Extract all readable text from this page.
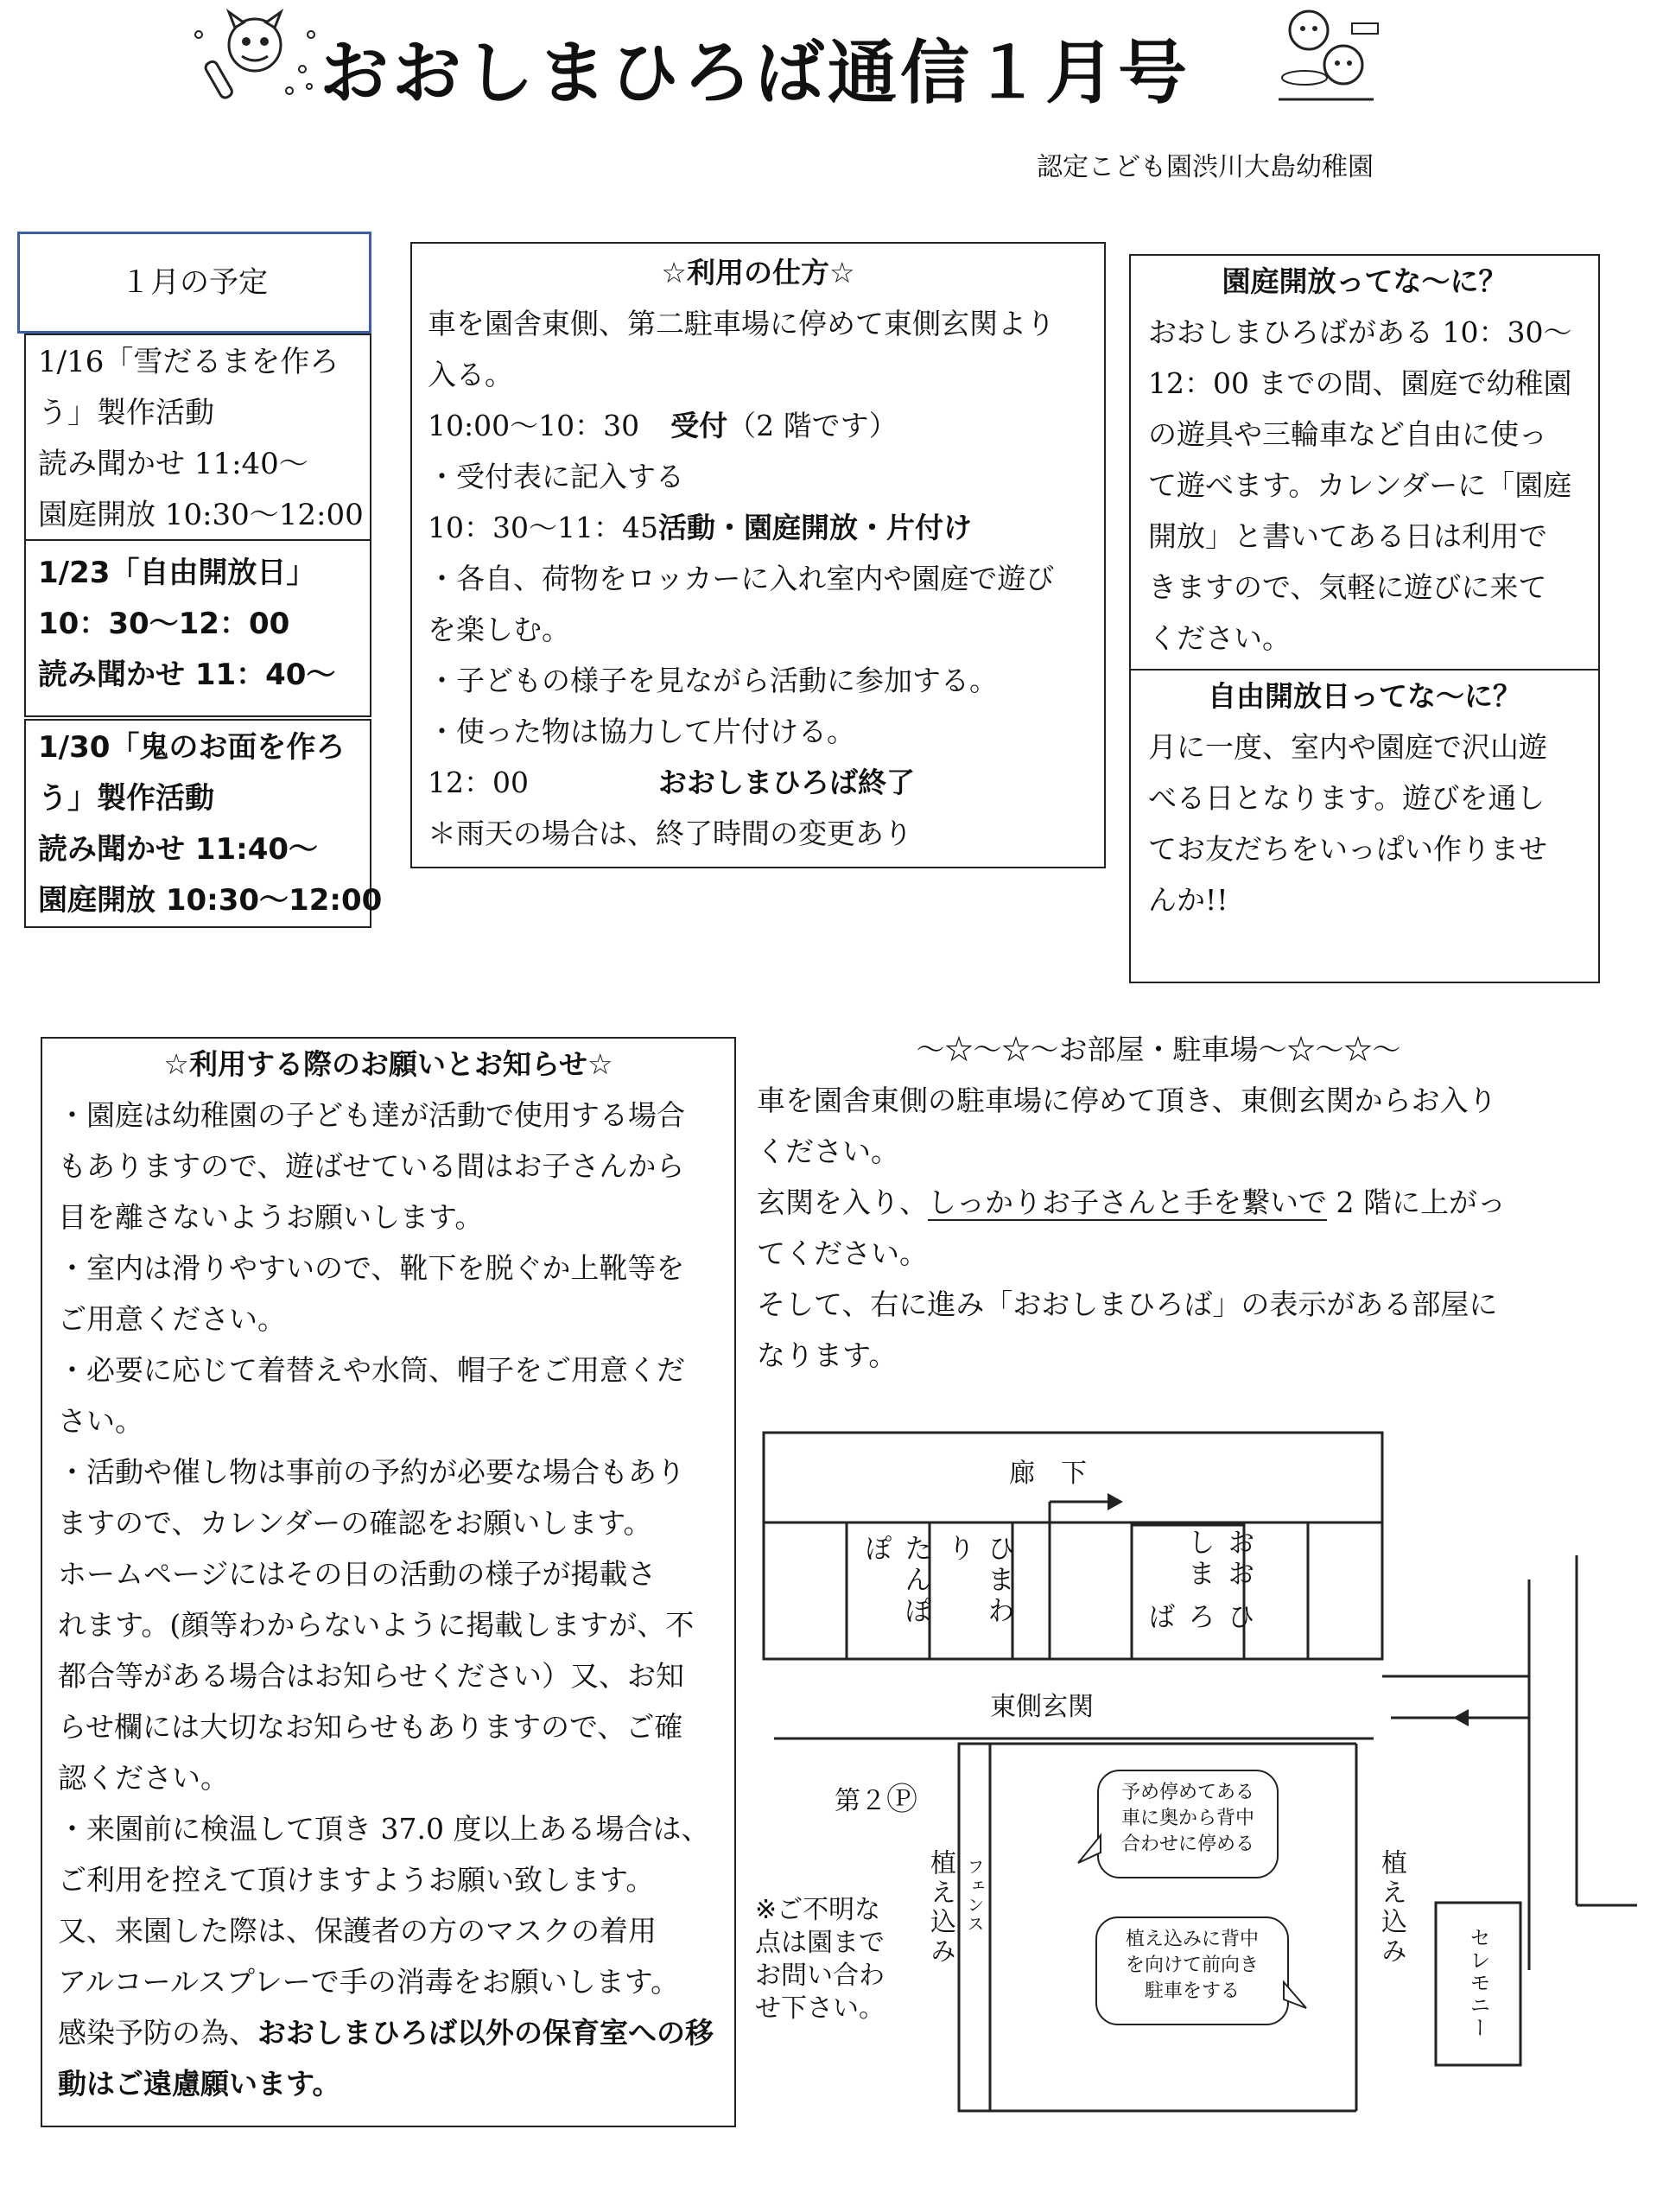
おおしまひろば通信１月号
認定こども園渋川大島幼稚園
１月の予定

1/16「雪だるまを作ろ

う」製作活動

読み聞かせ 11:40～

園庭開放 10:30～12:00

1/23「自由開放日」

10：30～12：00

読み聞かせ 11：40～

1/30「鬼のお面を作ろ

う」製作活動

読み聞かせ 11:40～

園庭開放 10:30～12:00

☆利用の仕方☆

車を園舎東側、第二駐車場に停めて東側玄関より

入る。

10:00～10：30 受付（2 階です）

・受付表に記入する

10：30～11：45活動・園庭開放・片付け

・各自、荷物をロッカーに入れ室内や園庭で遊び

を楽しむ。

・子どもの様子を見ながら活動に参加する。

・使った物は協力して片付ける。

12：00	おおしまひろば終了

＊雨天の場合は、終了時間の変更あり

園庭開放ってな～に？

おおしまひろばがある 10：30～

12：00 までの間、園庭で幼稚園

の遊具や三輪車など自由に使っ

て遊べます。カレンダーに「園庭

開放」と書いてある日は利用で

きますので、気軽に遊びに来て

ください。

自由開放日ってな～に？

月に一度、室内や園庭で沢山遊

べる日となります。遊びを通し

てお友だちをいっぱい作りませ

んか!!

☆利用する際のお願いとお知らせ☆

・園庭は幼稚園の子ども達が活動で使用する場合

もありますので、遊ばせている間はお子さんから

目を離さないようお願いします。

・室内は滑りやすいので、靴下を脱ぐか上靴等を

ご用意ください。

・必要に応じて着替えや水筒、帽子をご用意くだ

さい。

・活動や催し物は事前の予約が必要な場合もあり

ますので、カレンダーの確認をお願いします。

ホームページにはその日の活動の様子が掲載さ

れます。(顔等わからないように掲載しますが、不

都合等がある場合はお知らせください）又、お知

らせ欄には大切なお知らせもありますので、ご確

認ください。

・来園前に検温して頂き 37.0 度以上ある場合は、

ご利用を控えて頂けますようお願い致します。

又、来園した際は、保護者の方のマスクの着用

アルコールスプレーで手の消毒をお願いします。

感染予防の為、おおしまひろば以外の保育室への移

動はご遠慮願います。

～☆～☆～お部屋・駐車場～☆～☆～

車を園舎東側の駐車場に停めて頂き、東側玄関からお入り

ください。

玄関を入り、しっかりお子さんと手を繋いで 2 階に上がっ

てください。

そして、右に進み「おおしまひろば」の表示がある部屋に

なります。

廊　下
たんぽぽ	ひまわり	おおしま
ひろば
東側玄関
第２Ⓟ
植え込み フェンス	植え込み
セレモニー
予め停めてある
車に奥から背中
合わせに停める
植え込みに背中
を向けて前向き
駐車をする
※ご不明な
点は園まで
お問い合わ
せ下さい。
